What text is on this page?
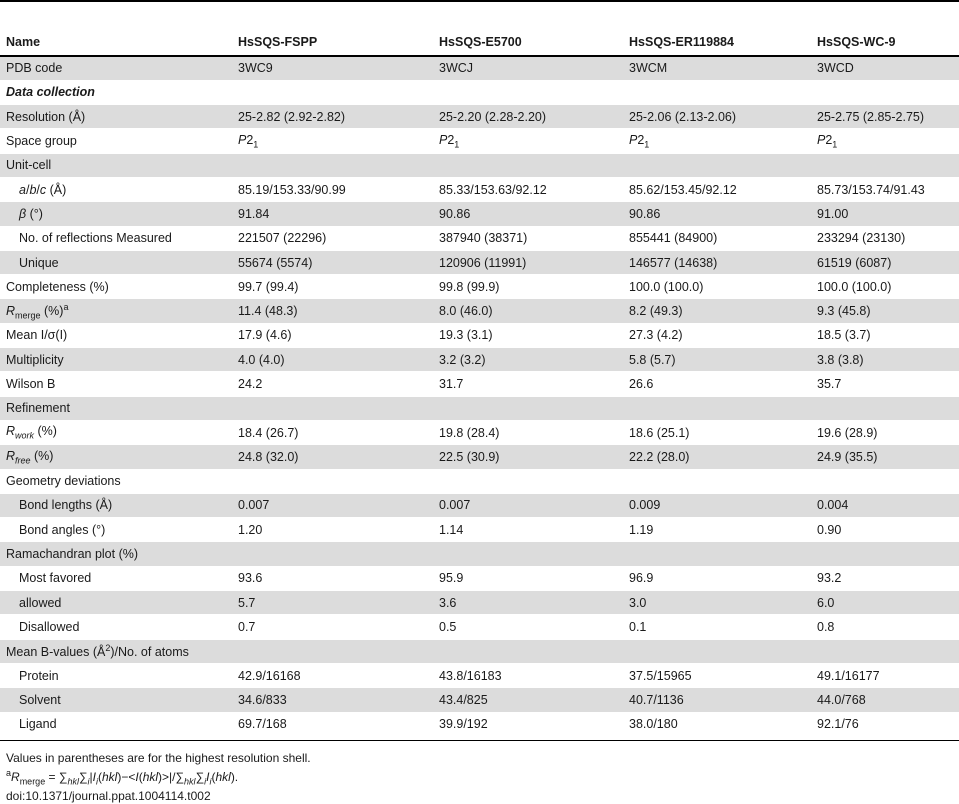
Name	HsSQS-FSPP	HsSQS-E5700	HsSQS-ER119884	HsSQS-WC-9
PDB code	3WC9	3WCJ	3WCM	3WCD
Data collection				
Resolution (Å)	25-2.82 (2.92-2.82)	25-2.20 (2.28-2.20)	25-2.06 (2.13-2.06)	25-2.75 (2.85-2.75)
Space group	$P2_1$	$P2_1$	$P2_1$	$P2_1$
Unit-cell				
a/b/c (Å)	85.19/153.33/90.99	85.33/153.63/92.12	85.62/153.45/92.12	85.73/153.74/91.43
β (°)	91.84	90.86	90.86	91.00
No. of reflections Measured	221507 (22296)	387940 (38371)	855441 (84900)	233294 (23130)
Unique	55674 (5574)	120906 (11991)	146577 (14638)	61519 (6087)
Completeness (%)	99.7 (99.4)	99.8 (99.9)	100.0 (100.0)	100.0 (100.0)
$R_{merge}$ (%)$^a$	11.4 (48.3)	8.0 (46.0)	8.2 (49.3)	9.3 (45.8)
Mean I/σ(I)	17.9 (4.6)	19.3 (3.1)	27.3 (4.2)	18.5 (3.7)
Multiplicity	4.0 (4.0)	3.2 (3.2)	5.8 (5.7)	3.8 (3.8)
Wilson B	24.2	31.7	26.6	35.7
Refinement				
$R_{work}$ (%)	18.4 (26.7)	19.8 (28.4)	18.6 (25.1)	19.6 (28.9)
$R_{free}$ (%)	24.8 (32.0)	22.5 (30.9)	22.2 (28.0)	24.9 (35.5)
Geometry deviations				
Bond lengths (Å)	0.007	0.007	0.009	0.004
Bond angles (°)	1.20	1.14	1.19	0.90
Ramachandran plot (%)				
Most favored	93.6	95.9	96.9	93.2
allowed	5.7	3.6	3.0	6.0
Disallowed	0.7	0.5	0.1	0.8
Mean B-values $(Å^2)/No$. of atoms				
Protein	42.9/16168	43.8/16183	37.5/15965	49.1/16177
Solvent	34.6/833	43.4/825	40.7/1136	44.0/768
Ligand	69.7/168	39.9/192	38.0/180	92.1/76
Values in parentheses are for the highest resolution shell.
$^aR_{merge} = \sum_{hkl}\sum_i|I_i(hkl)-<I(hkl)>|/\sum_{hkl}\sum_iI_i(hkl)$.
doi:10.1371/journal.ppat.1004114.t002
